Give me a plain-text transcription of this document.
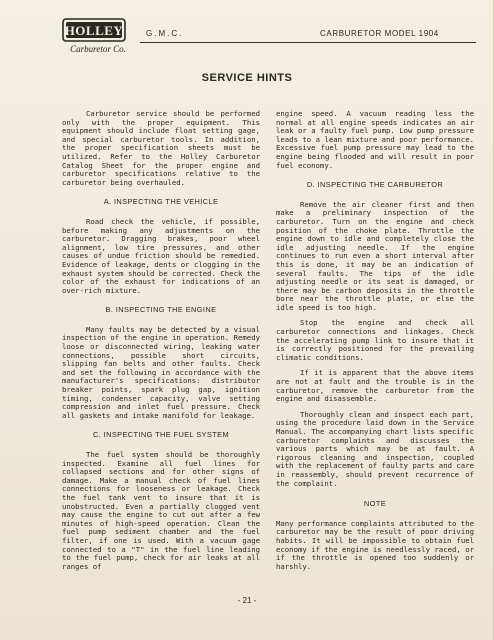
HOLLEY
Carburetor Co.
G.M.C.	CARBURETOR MODEL 1904
SERVICE HINTS

Carburetor service should be performed only with the proper equipment. This equipment should include float setting gage, and special carburetor tools. In addition, the proper specification sheets must be utilized. Refer to the Holley Carburetor Catalog Sheet for the proper engine and carburetor specifications relative to the carburetor being overhauled.

A. INSPECTING THE VEHICLE

Road check the vehicle, if possible, before making any adjustments on the carburetor. Dragging brakes, poor wheel alignment, low tire pressures, and other causes of undue friction should be remedied. Evidence of leakage, dents or clogging in the exhaust system should be corrected. Check the color of the exhaust for indications of an over-rich mixture.

B. INSPECTING THE ENGINE

Many faults may be detected by a visual inspection of the engine in operation. Remedy loose or disconnected wiring, leaking water connections, possible short circuits, slipping fan belts and other faults. Check and set the following in accordance with the manufacturer's specifications: distributor breaker points, spark plug gap, ignition timing, condenser capacity, valve setting compression and inlet fuel pressure. Check all gaskets and intake manifold for leakage.

C. INSPECTING THE FUEL SYSTEM

The fuel system should be thoroughly inspected. Examine all fuel lines for collapsed sections and for other signs of damage. Make a manual check of fuel lines connections for looseness or leakage. Check the fuel tank vent to insure that it is unobstructed. Even a partially clogged vent may cause the engine to cut out after a few minutes of high-speed operation. Clean the fuel pump sediment chamber and the fuel filter, if one is used. With a vacuum gage connected to a "T" in the fuel line leading to the fuel pump, check for air leaks at all ranges of

engine speed. A vacuum reading less the normal at all engine speeds indicates an air leak or a faulty fuel pump. Low pump pressure leads to a lean mixture and poor performance. Excessive fuel pump pressure may lead to the engine being flooded and will result in poor fuel economy.

D. INSPECTING THE CARBURETOR

Remove the air cleaner first and then make a preliminary inspection of the carburetor. Turn on the engine and check position of the choke plate. Throttle the engine down to idle and completely close the idle adjusting needle. If the engine continues to run even a short interval after this is done, it may be an indication of several faults. The tips of the idle adjusting needle or its seat is damaged, or there may be carbon deposits in the throttle bore near the throttle plate, or else the idle speed is too high.

Stop the engine and check all carburetor connections and linkages. Check the accelerating pump link to insure that it is correctly positioned for the prevailing climatic conditions.

If it is apparent that the above items are not at fault and the trouble is in the carburetor, remove the carburetor from the engine and disassemble.

Thoroughly clean and inspect each part, using the procedure laid down in the Service Manual. The accompanying chart lists specific carburetor complaints and discusses the various parts which may be at fault. A rigorous cleaning and inspection, coupled with the replacement of faulty parts and care in reassembly, should prevent recurrence of the complaint.

NOTE

Many performance complaints attributed to the carburetor may be the result of poor driving habits. It will be impossible to obtain fuel economy if the engine is needlessly raced, or if the throttle is opened too suddenly or harshly.

- 21 -
